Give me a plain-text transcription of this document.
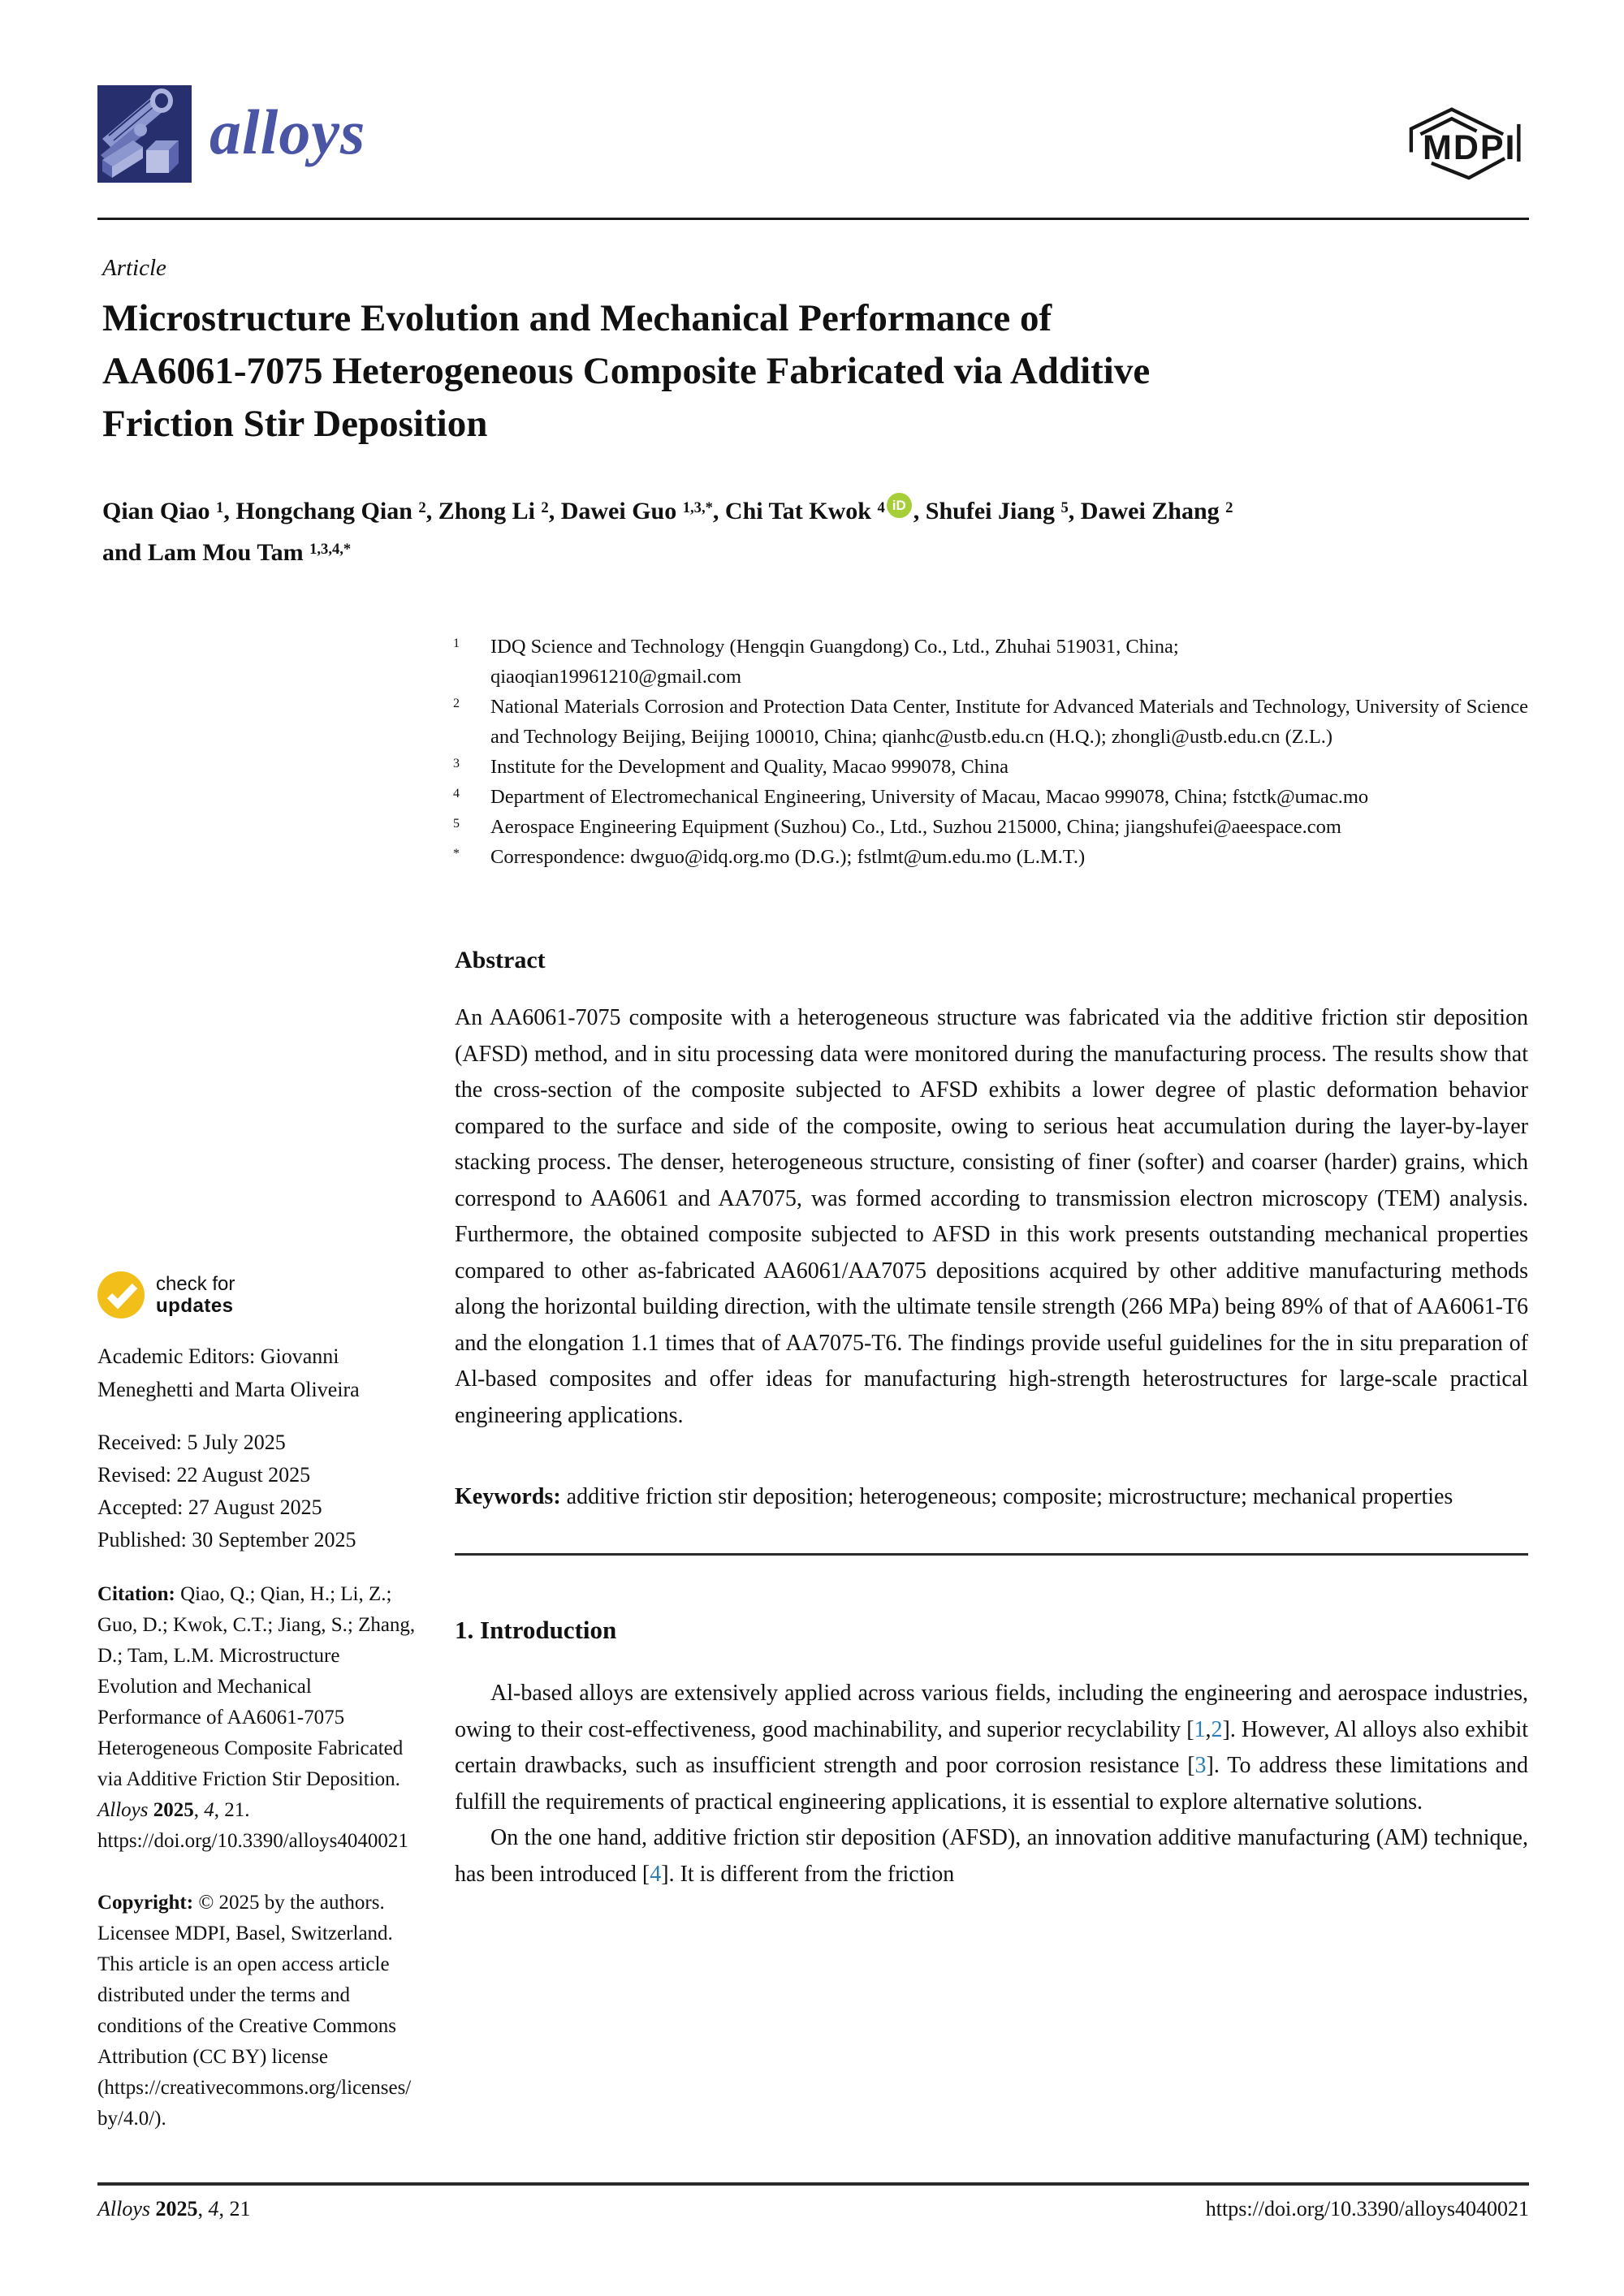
alloys	MDPI
Article
Microstructure Evolution and Mechanical Performance of
AA6061-7075 Heterogeneous Composite Fabricated via Additive
Friction Stir Deposition
Qian Qiao $^1$, Hongchang Qian $^2$, Zhong Li $^2$, Dawei Guo $^{1,3,*}$, Chi Tat Kwok $^4$ iD , Shufei Jiang $^5$, Dawei Zhang $^2$
and Lam Mou Tam $^{1,3,4,*}$
1	IDQ Science and Technology (Hengqin Guangdong) Co., Ltd., Zhuhai 519031, China;
qiaoqian19961210@gmail.com
2	National Materials Corrosion and Protection Data Center, Institute for Advanced Materials and Technology, University of Science and Technology Beijing, Beijing 100010, China; qianhc@ustb.edu.cn (H.Q.); zhongli@ustb.edu.cn (Z.L.)
3	Institute for the Development and Quality, Macao 999078, China
4	Department of Electromechanical Engineering, University of Macau, Macao 999078, China; fstctk@umac.mo
5	Aerospace Engineering Equipment (Suzhou) Co., Ltd., Suzhou 215000, China; jiangshufei@aeespace.com
*	Correspondence: dwguo@idq.org.mo (D.G.); fstlmt@um.edu.mo (L.M.T.)
check for
updates
Academic Editors: Giovanni Meneghetti and Marta Oliveira
Received: 5 July 2025
Revised: 22 August 2025
Accepted: 27 August 2025
Published: 30 September 2025
Citation: Qiao, Q.; Qian, H.; Li, Z.; Guo, D.; Kwok, C.T.; Jiang, S.; Zhang, D.; Tam, L.M. Microstructure Evolution and Mechanical Performance of AA6061-7075 Heterogeneous Composite Fabricated via Additive Friction Stir Deposition. Alloys 2025, 4, 21. https://doi.org/10.3390/alloys4040021
Copyright: © 2025 by the authors. Licensee MDPI, Basel, Switzerland. This article is an open access article distributed under the terms and conditions of the Creative Commons Attribution (CC BY) license (https://creativecommons.org/licenses/by/4.0/).
Abstract

An AA6061-7075 composite with a heterogeneous structure was fabricated via the additive friction stir deposition (AFSD) method, and in situ processing data were monitored during the manufacturing process. The results show that the cross-section of the composite subjected to AFSD exhibits a lower degree of plastic deformation behavior compared to the surface and side of the composite, owing to serious heat accumulation during the layer-by-layer stacking process. The denser, heterogeneous structure, consisting of finer (softer) and coarser (harder) grains, which correspond to AA6061 and AA7075, was formed according to transmission electron microscopy (TEM) analysis. Furthermore, the obtained composite subjected to AFSD in this work presents outstanding mechanical properties compared to other as-fabricated AA6061/AA7075 depositions acquired by other additive manufacturing methods along the horizontal building direction, with the ultimate tensile strength (266 MPa) being 89% of that of AA6061-T6 and the elongation 1.1 times that of AA7075-T6. The findings provide useful guidelines for the in situ preparation of Al-based composites and offer ideas for manufacturing high-strength heterostructures for large-scale practical engineering applications.

Keywords: additive friction stir deposition; heterogeneous; composite; microstructure; mechanical properties

1. Introduction

Al-based alloys are extensively applied across various fields, including the engineering and aerospace industries, owing to their cost-effectiveness, good machinability, and superior recyclability [1,2]. However, Al alloys also exhibit certain drawbacks, such as insufficient strength and poor corrosion resistance [3]. To address these limitations and fulfill the requirements of practical engineering applications, it is essential to explore alternative solutions.

On the one hand, additive friction stir deposition (AFSD), an innovation additive manufacturing (AM) technique, has been introduced [4]. It is different from the friction

Alloys 2025, 4, 21	https://doi.org/10.3390/alloys4040021
